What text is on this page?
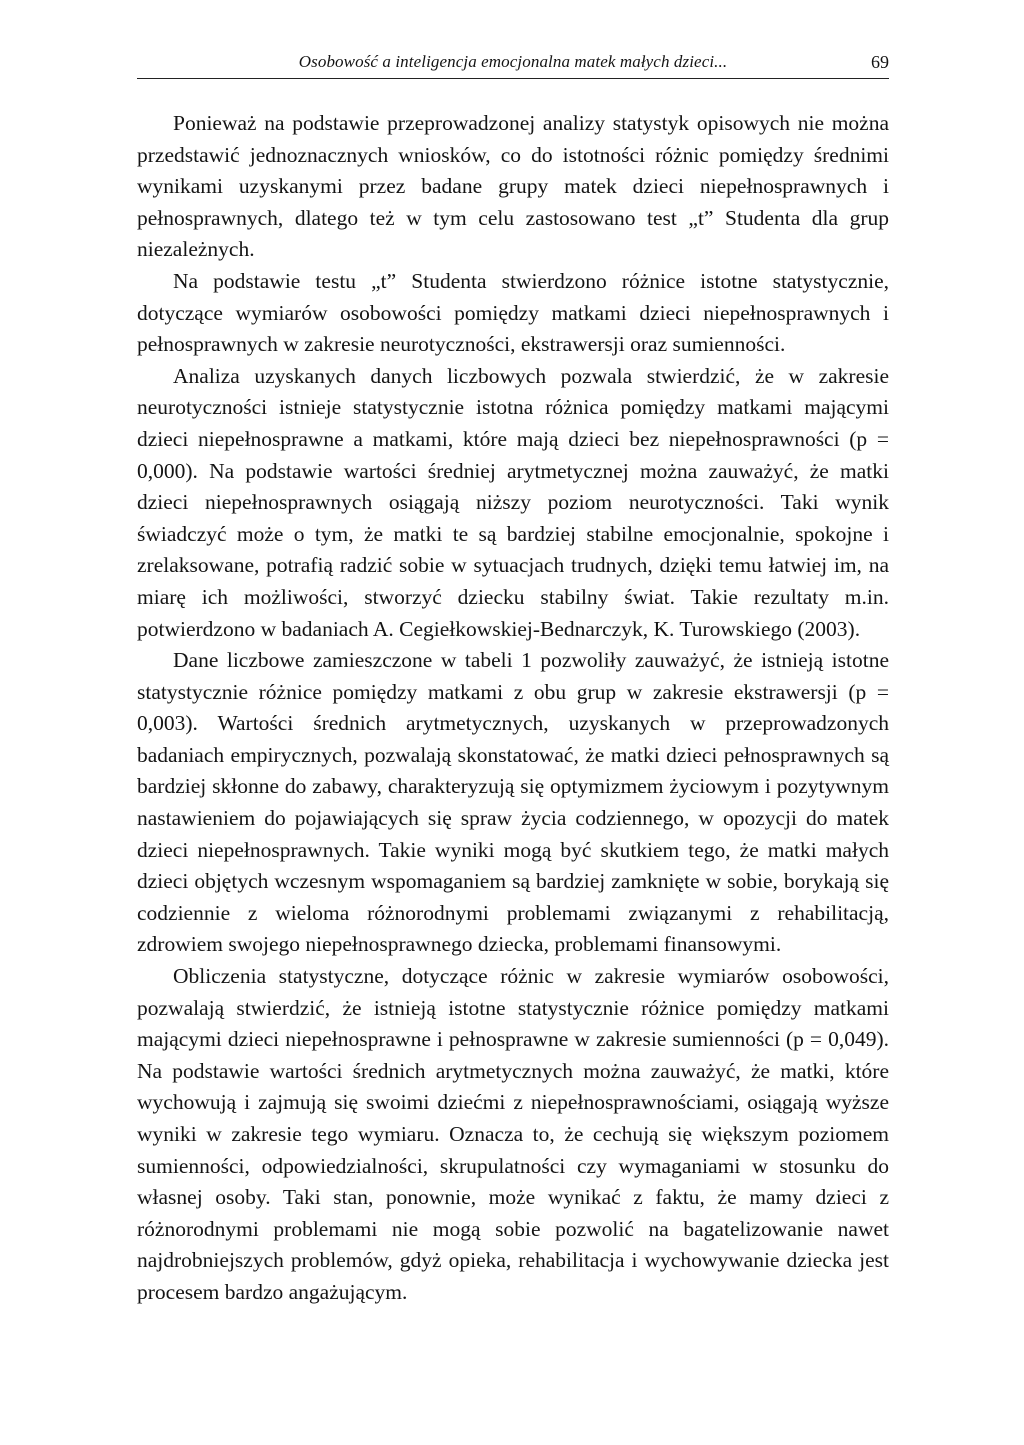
Osobowość a inteligencja emocjonalna matek małych dzieci...	69

Ponieważ na podstawie przeprowadzonej analizy statystyk opisowych nie można przedstawić jednoznacznych wniosków, co do istotności różnic pomiędzy średnimi wynikami uzyskanymi przez badane grupy matek dzieci niepełnosprawnych i pełnosprawnych, dlatego też w tym celu zastosowano test „t” Studenta dla grup niezależnych.

Na podstawie testu „t” Studenta stwierdzono różnice istotne statystycznie, dotyczące wymiarów osobowości pomiędzy matkami dzieci niepełnosprawnych i pełnosprawnych w zakresie neurotyczności, ekstrawersji oraz sumienności.

Analiza uzyskanych danych liczbowych pozwala stwierdzić, że w zakresie neurotyczności istnieje statystycznie istotna różnica pomiędzy matkami mającymi dzieci niepełnosprawne a matkami, które mają dzieci bez niepełnosprawności (p = 0,000). Na podstawie wartości średniej arytmetycznej można zauważyć, że matki dzieci niepełnosprawnych osiągają niższy poziom neurotyczności. Taki wynik świadczyć może o tym, że matki te są bardziej stabilne emocjonalnie, spokojne i zrelaksowane, potrafią radzić sobie w sytuacjach trudnych, dzięki temu łatwiej im, na miarę ich możliwości, stworzyć dziecku stabilny świat. Takie rezultaty m.in. potwierdzono w badaniach A. Cegiełkowskiej-Bednarczyk, K. Turowskiego (2003).

Dane liczbowe zamieszczone w tabeli 1 pozwoliły zauważyć, że istnieją istotne statystycznie różnice pomiędzy matkami z obu grup w zakresie ekstrawersji (p = 0,003). Wartości średnich arytmetycznych, uzyskanych w przeprowadzonych badaniach empirycznych, pozwalają skonstatować, że matki dzieci pełnosprawnych są bardziej skłonne do zabawy, charakteryzują się optymizmem życiowym i pozytywnym nastawieniem do pojawiających się spraw życia codziennego, w opozycji do matek dzieci niepełnosprawnych. Takie wyniki mogą być skutkiem tego, że matki małych dzieci objętych wczesnym wspomaganiem są bardziej zamknięte w sobie, borykają się codziennie z wieloma różnorodnymi problemami związanymi z rehabilitacją, zdrowiem swojego niepełnosprawnego dziecka, problemami finansowymi.

Obliczenia statystyczne, dotyczące różnic w zakresie wymiarów osobowości, pozwalają stwierdzić, że istnieją istotne statystycznie różnice pomiędzy matkami mającymi dzieci niepełnosprawne i pełnosprawne w zakresie sumienności (p = 0,049). Na podstawie wartości średnich arytmetycznych można zauważyć, że matki, które wychowują i zajmują się swoimi dziećmi z niepełnosprawnościami, osiągają wyższe wyniki w zakresie tego wymiaru. Oznacza to, że cechują się większym poziomem sumienności, odpowiedzialności, skrupulatności czy wymaganiami w stosunku do własnej osoby. Taki stan, ponownie, może wynikać z faktu, że mamy dzieci z różnorodnymi problemami nie mogą sobie pozwolić na bagatelizowanie nawet najdrobniejszych problemów, gdyż opieka, rehabilitacja i wychowywanie dziecka jest procesem bardzo angażującym.
